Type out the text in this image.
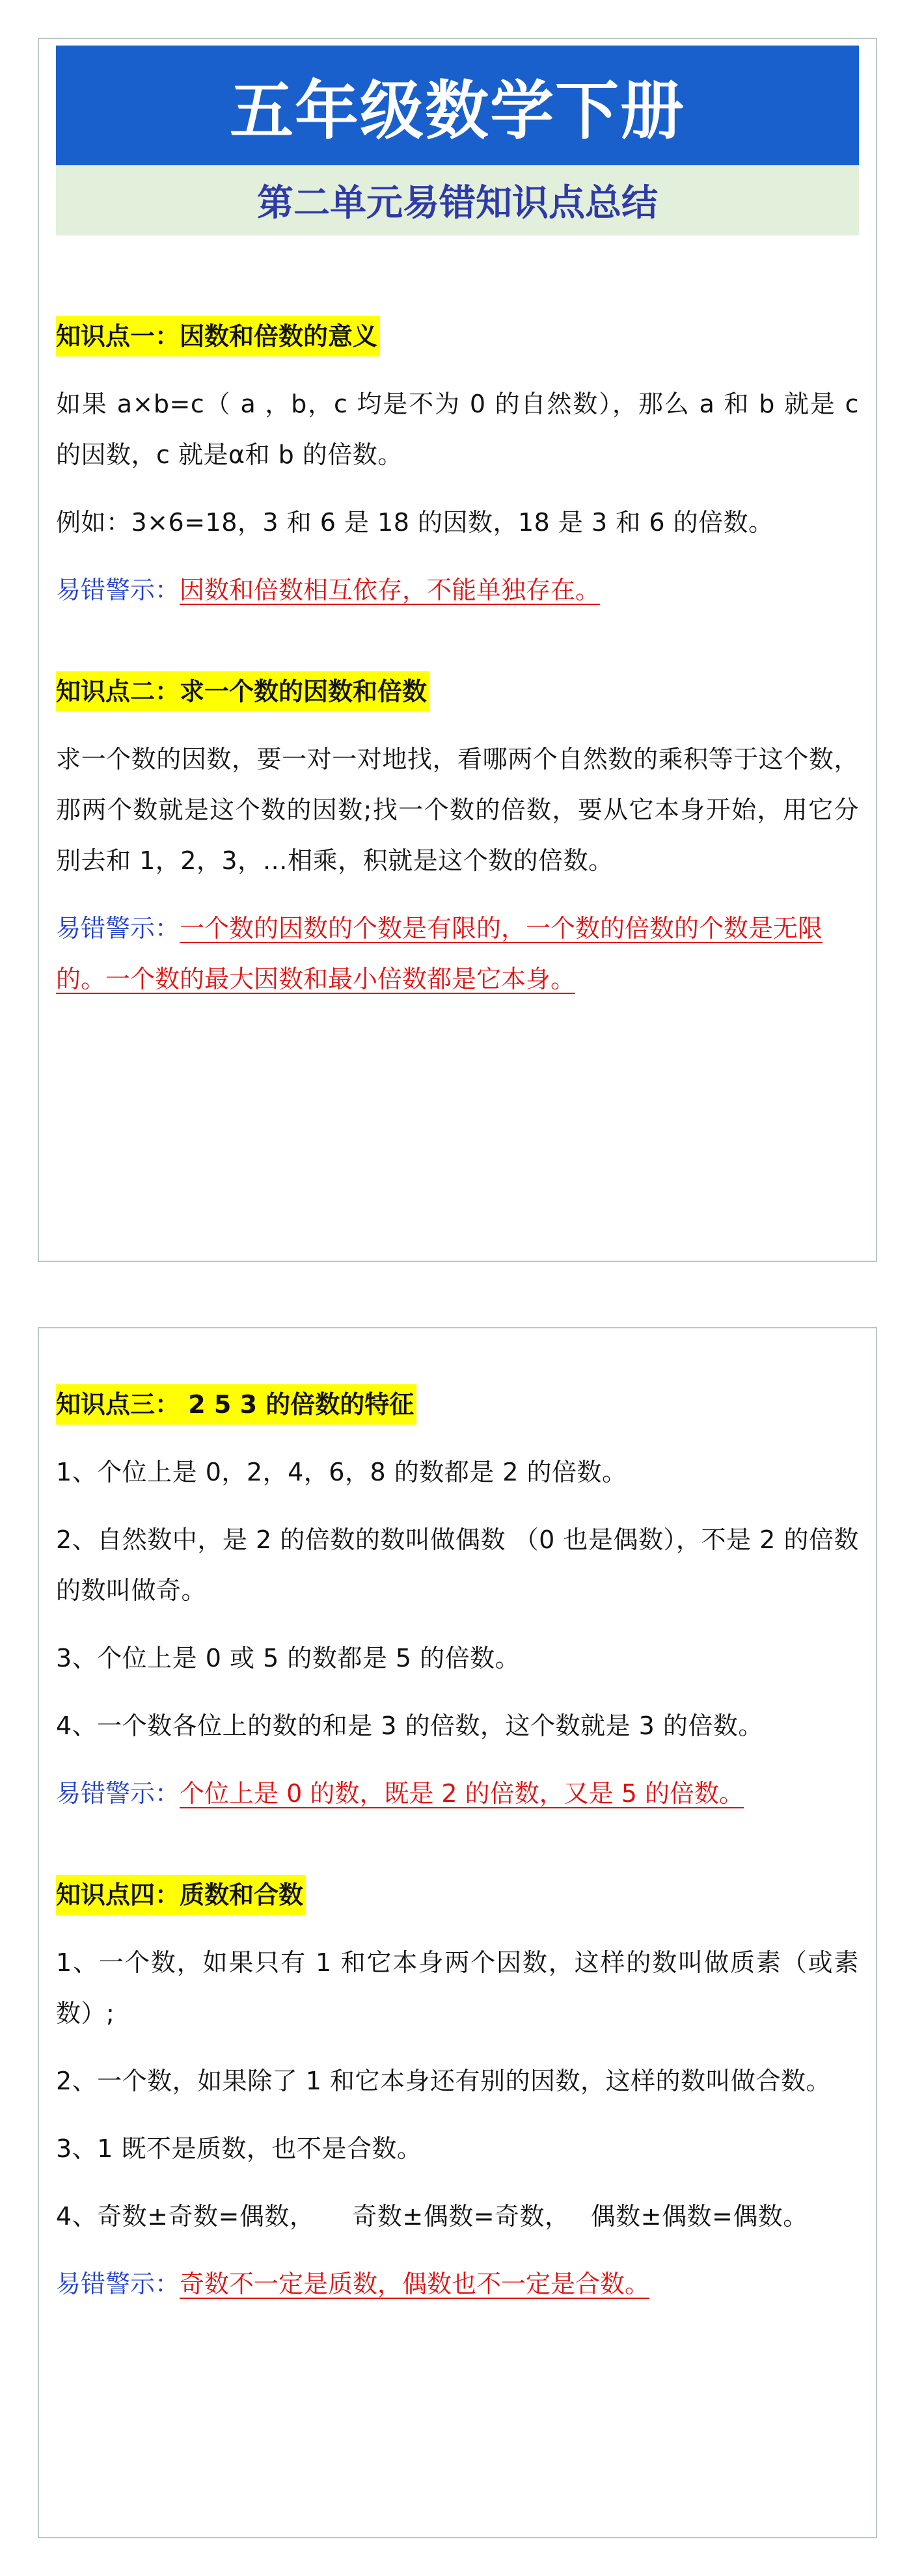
五年级数学下册
第二单元易错知识点总结
知识点一：因数和倍数的意义

如果 a×b=c（ a ，b，c 均是不为 0 的自然数），那么 a 和 b 就是 c 的因数，c 就是α和 b 的倍数。

例如：3×6=18，3 和 6 是 18 的因数，18 是 3 和 6 的倍数。

易错警示：因数和倍数相互依存，不能单独存在。

知识点二：求一个数的因数和倍数

求一个数的因数，要一对一对地找，看哪两个自然数的乘积等于这个数，那两个数就是这个数的因数;找一个数的倍数，要从它本身开始，用它分别去和 1，2，3，…相乘，积就是这个数的倍数。

易错警示：一个数的因数的个数是有限的，一个数的倍数的个数是无限的。一个数的最大因数和最小倍数都是它本身。

知识点三： 2 5 3 的倍数的特征

1、个位上是 0，2，4，6，8 的数都是 2 的倍数。

2、自然数中，是 2 的倍数的数叫做偶数 （0 也是偶数），不是 2 的倍数的数叫做奇。

3、个位上是 0 或 5 的数都是 5 的倍数。

4、一个数各位上的数的和是 3 的倍数，这个数就是 3 的倍数。

易错警示：个位上是 0 的数，既是 2 的倍数，又是 5 的倍数。

知识点四：质数和合数

1、一个数，如果只有 1 和它本身两个因数，这样的数叫做质素（或素数）;

2、一个数，如果除了 1 和它本身还有别的因数，这样的数叫做合数。

3、1 既不是质数，也不是合数。

4、奇数±奇数=偶数，　　奇数±偶数=奇数，　 偶数±偶数=偶数。

易错警示：奇数不一定是质数，偶数也不一定是合数。
